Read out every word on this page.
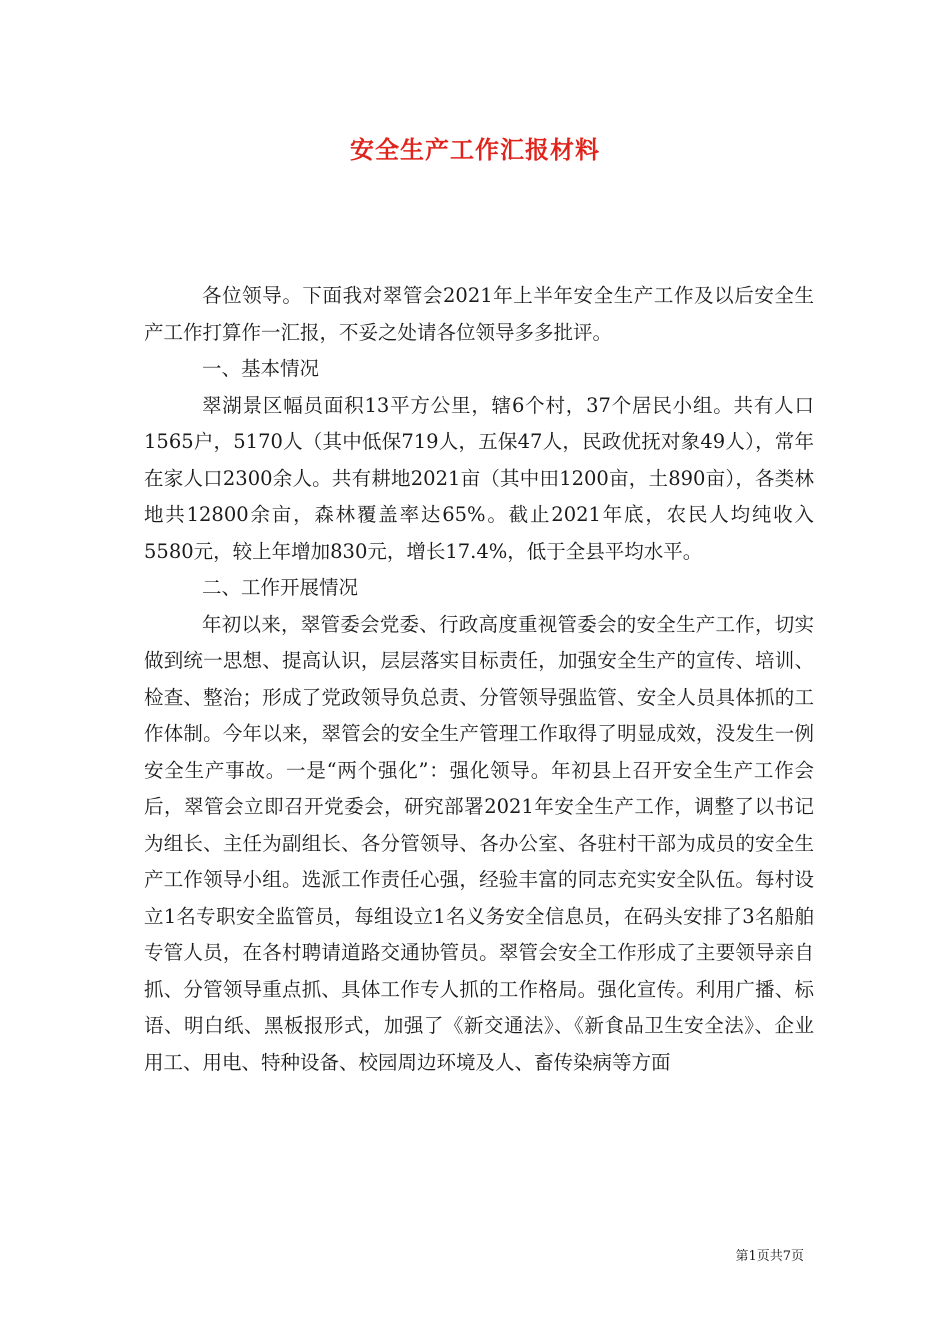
安全生产工作汇报材料

各位领导。下面我对翠管会2021年上半年安全生产工作及以后安全生产工作打算作一汇报，不妥之处请各位领导多多批评。

一、基本情况

翠湖景区幅员面积13平方公里，辖6个村，37个居民小组。共有人口1565户，5170人（其中低保719人，五保47人，民政优抚对象49人），常年在家人口2300余人。共有耕地2021亩（其中田1200亩，土890亩），各类林地共12800余亩，森林覆盖率达65%。截止2021年底，农民人均纯收入5580元，较上年增加830元，增长17.4%，低于全县平均水平。

二、工作开展情况

年初以来，翠管委会党委、行政高度重视管委会的安全生产工作，切实做到统一思想、提高认识，层层落实目标责任，加强安全生产的宣传、培训、检查、整治；形成了党政领导负总责、分管领导强监管、安全人员具体抓的工作体制。今年以来，翠管会的安全生产管理工作取得了明显成效，没发生一例安全生产事故。一是“两个强化”：强化领导。年初县上召开安全生产工作会后，翠管会立即召开党委会，研究部署2021年安全生产工作，调整了以书记为组长、主任为副组长、各分管领导、各办公室、各驻村干部为成员的安全生产工作领导小组。选派工作责任心强，经验丰富的同志充实安全队伍。每村设立1名专职安全监管员，每组设立1名义务安全信息员，在码头安排了3名船舶专管人员，在各村聘请道路交通协管员。翠管会安全工作形成了主要领导亲自抓、分管领导重点抓、具体工作专人抓的工作格局。强化宣传。利用广播、标语、明白纸、黑板报形式，加强了《新交通法》、《新食品卫生安全法》、企业用工、用电、特种设备、校园周边环境及人、畜传染病等方面

第1页共7页
